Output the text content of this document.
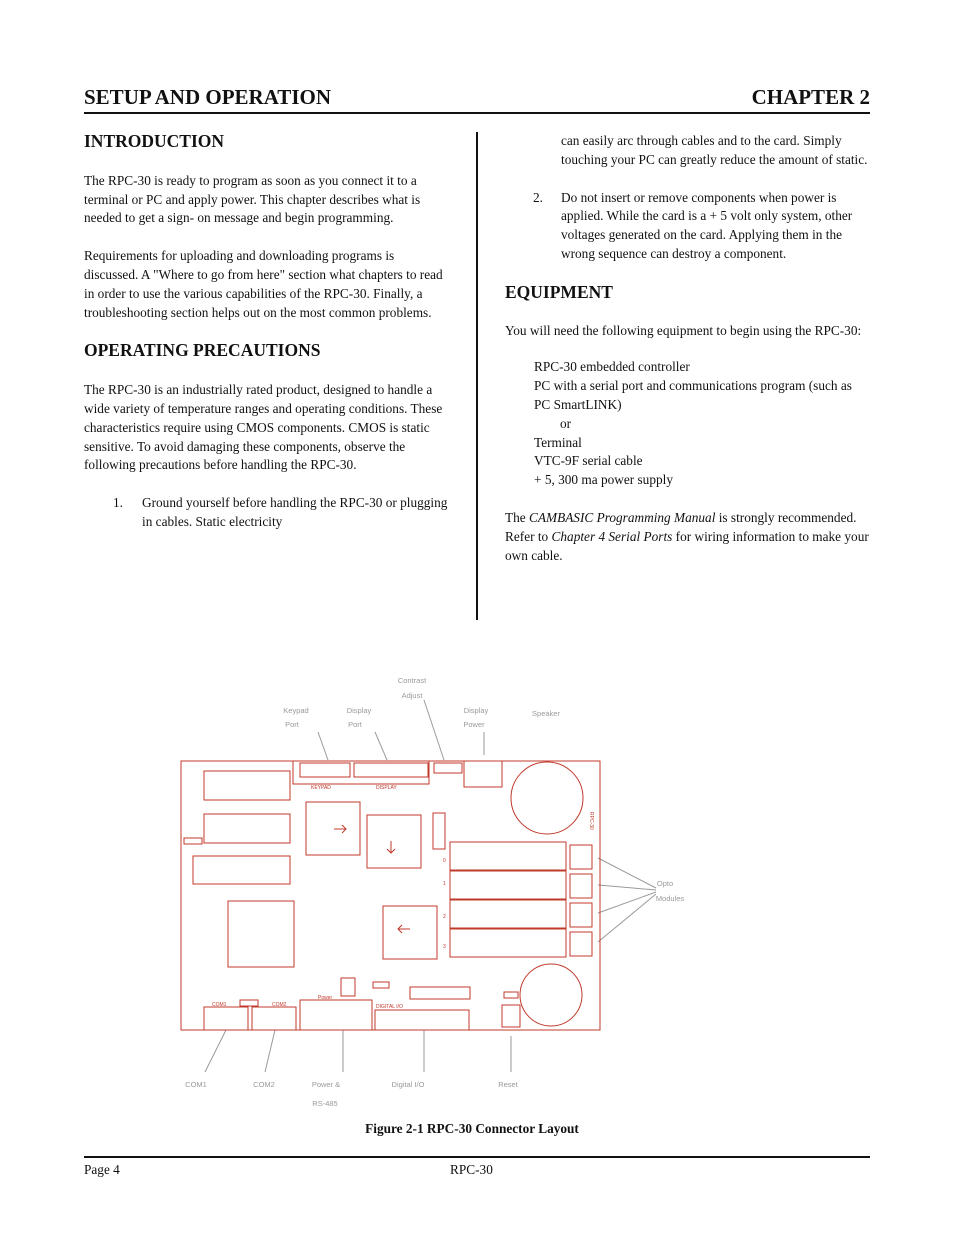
SETUP AND OPERATION	CHAPTER 2

INTRODUCTION

The RPC-30 is ready to program as soon as you connect it to a terminal or PC and apply power. This chapter describes what is needed to get a sign- on message and begin programming.

Requirements for uploading and downloading programs is discussed. A "Where to go from here" section what chapters to read in order to use the various capabilities of the RPC-30. Finally, a troubleshooting section helps out on the most common problems.

OPERATING PRECAUTIONS

The RPC-30 is an industrially rated product, designed to handle a wide variety of temperature ranges and operating conditions. These characteristics require using CMOS components. CMOS is static sensitive. To avoid damaging these components, observe the following precautions before handling the RPC-30.

1. Ground yourself before handling the RPC-30 or plugging in cables. Static electricity

can easily arc through cables and to the card. Simply touching your PC can greatly reduce the amount of static.

2. Do not insert or remove components when power is applied. While the card is a + 5 volt only system, other voltages generated on the card. Applying them in the wrong sequence can destroy a component.

EQUIPMENT

You will need the following equipment to begin using the RPC-30:

RPC-30 embedded controller

PC with a serial port and communications program (such as PC SmartLINK)

or

Terminal

VTC-9F serial cable

+ 5, 300 ma power supply

The CAMBASIC Programming Manual is strongly recommended. Refer to Chapter 4 Serial Ports for wiring information to make your own cable.

Contrast
Adjust
Keypad
Port
Display
Port
Display
Power
Speaker
Opto
Modules
COM1	COM2	Power &
RS-485
Digital I/O	Reset
KEYPAD	DISPLAY
RPC-30
COM1	COM2
Power
DIGITAL I/O
0
1
2
3
Figure 2-1 RPC-30 Connector Layout
Page 4	RPC-30
